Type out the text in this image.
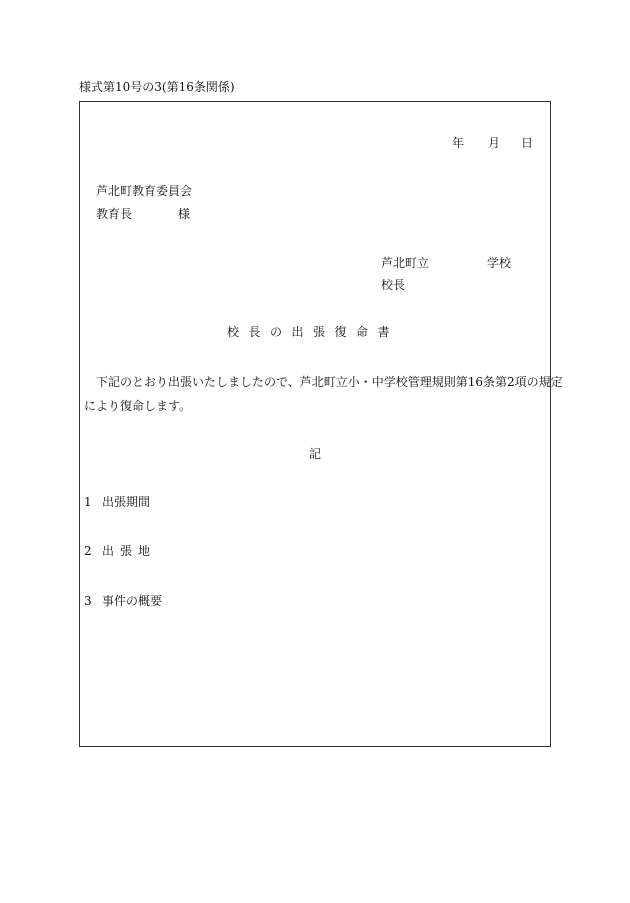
様式第10号の3(第16条関係)
年 月 日
芦北町教育委員会
教育長	様
芦北町立	学校
校長
校長の出張復命書
下記のとおり出張いたしましたので、芦北町立小・中学校管理規則第16条第2項の規定
により復命します。
記
1 出張期間
2 出張地
3 事件の概要
